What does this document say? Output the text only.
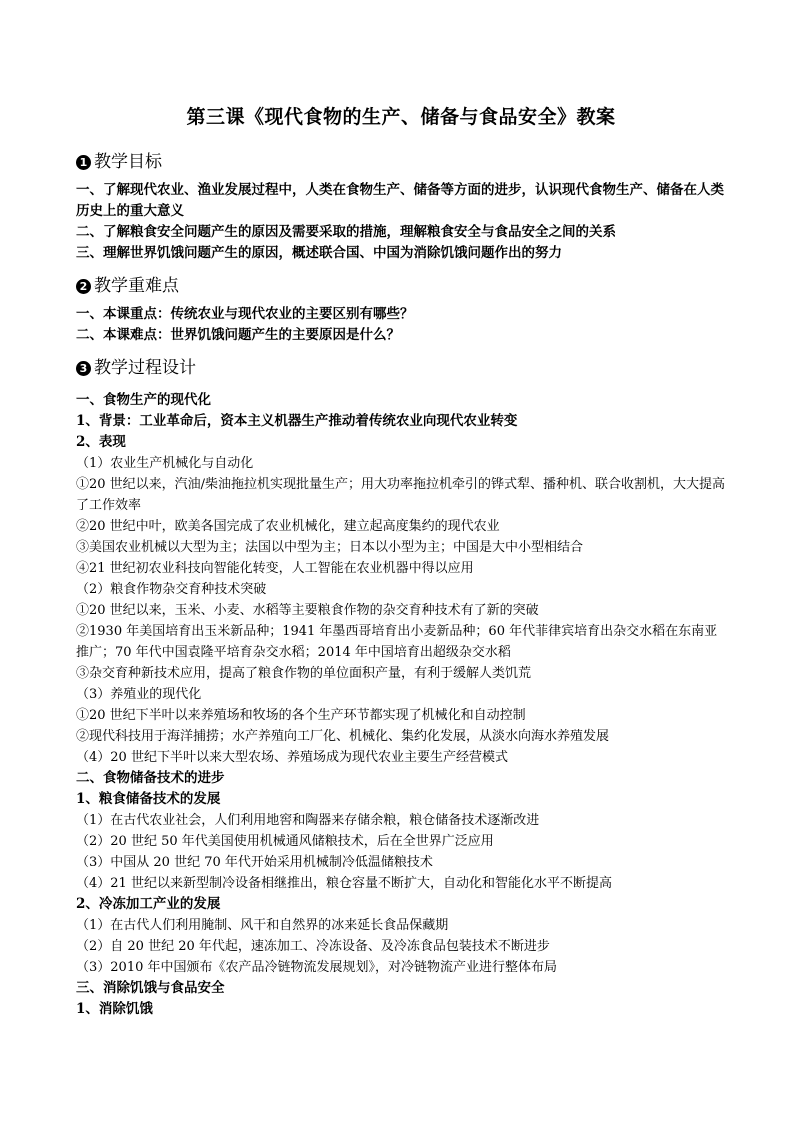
第三课《现代食物的生产、储备与食品安全》教案
1 教学目标
一、了解现代农业、渔业发展过程中，人类在食物生产、储备等方面的进步，认识现代食物生产、储备在人类历史上的重大意义
二、了解粮食安全问题产生的原因及需要采取的措施，理解粮食安全与食品安全之间的关系
三、理解世界饥饿问题产生的原因，概述联合国、中国为消除饥饿问题作出的努力
2 教学重难点
一、本课重点：传统农业与现代农业的主要区别有哪些？
二、本课难点：世界饥饿问题产生的主要原因是什么？
3 教学过程设计
一、食物生产的现代化
1、背景：工业革命后，资本主义机器生产推动着传统农业向现代农业转变
2、表现
（1）农业生产机械化与自动化
①20 世纪以来，汽油/柴油拖拉机实现批量生产；用大功率拖拉机牵引的铧式犁、播种机、联合收割机，大大提高了工作效率
②20 世纪中叶，欧美各国完成了农业机械化，建立起高度集约的现代农业
③美国农业机械以大型为主；法国以中型为主；日本以小型为主；中国是大中小型相结合
④21 世纪初农业科技向智能化转变，人工智能在农业机器中得以应用
（2）粮食作物杂交育种技术突破
①20 世纪以来，玉米、小麦、水稻等主要粮食作物的杂交育种技术有了新的突破
②1930 年美国培育出玉米新品种；1941 年墨西哥培育出小麦新品种；60 年代菲律宾培育出杂交水稻在东南亚推广；70 年代中国袁隆平培育杂交水稻；2014 年中国培育出超级杂交水稻
③杂交育种新技术应用，提高了粮食作物的单位面积产量，有利于缓解人类饥荒
（3）养殖业的现代化
①20 世纪下半叶以来养殖场和牧场的各个生产环节都实现了机械化和自动控制
②现代科技用于海洋捕捞；水产养殖向工厂化、机械化、集约化发展，从淡水向海水养殖发展
（4）20 世纪下半叶以来大型农场、养殖场成为现代农业主要生产经营模式
二、食物储备技术的进步
1、粮食储备技术的发展
（1）在古代农业社会，人们利用地窖和陶器来存储余粮，粮仓储备技术逐渐改进
（2）20 世纪 50 年代美国使用机械通风储粮技术，后在全世界广泛应用
（3）中国从 20 世纪 70 年代开始采用机械制冷低温储粮技术
（4）21 世纪以来新型制冷设备相继推出，粮仓容量不断扩大，自动化和智能化水平不断提高
2、冷冻加工产业的发展
（1）在古代人们利用腌制、风干和自然界的冰来延长食品保藏期
（2）自 20 世纪 20 年代起，速冻加工、冷冻设备、及冷冻食品包装技术不断进步
（3）2010 年中国颁布《农产品冷链物流发展规划》，对冷链物流产业进行整体布局
三、消除饥饿与食品安全
1、消除饥饿
